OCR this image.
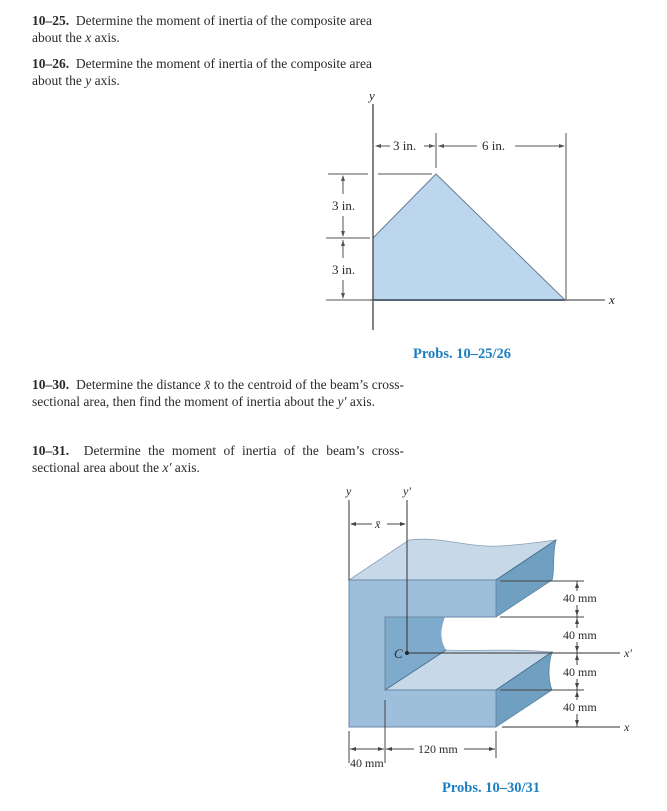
10–25. Determine the moment of inertia of the composite area about the x axis.
10–26. Determine the moment of inertia of the composite area about the y axis.
y
x
3 in.	6 in.
3 in.
3 in.
Probs. 10–25/26
10–30. Determine the distance x̄ to the centroid of the beam’s cross-sectional area, then find the moment of inertia about the y′ axis.
10–31. Determine the moment of inertia of the beam’s cross-sectional area about the x′ axis.
y	y′
x̄
C	x′
x
40 mm
40 mm
40 mm
40 mm
120 mm
40 mm
Probs. 10–30/31
